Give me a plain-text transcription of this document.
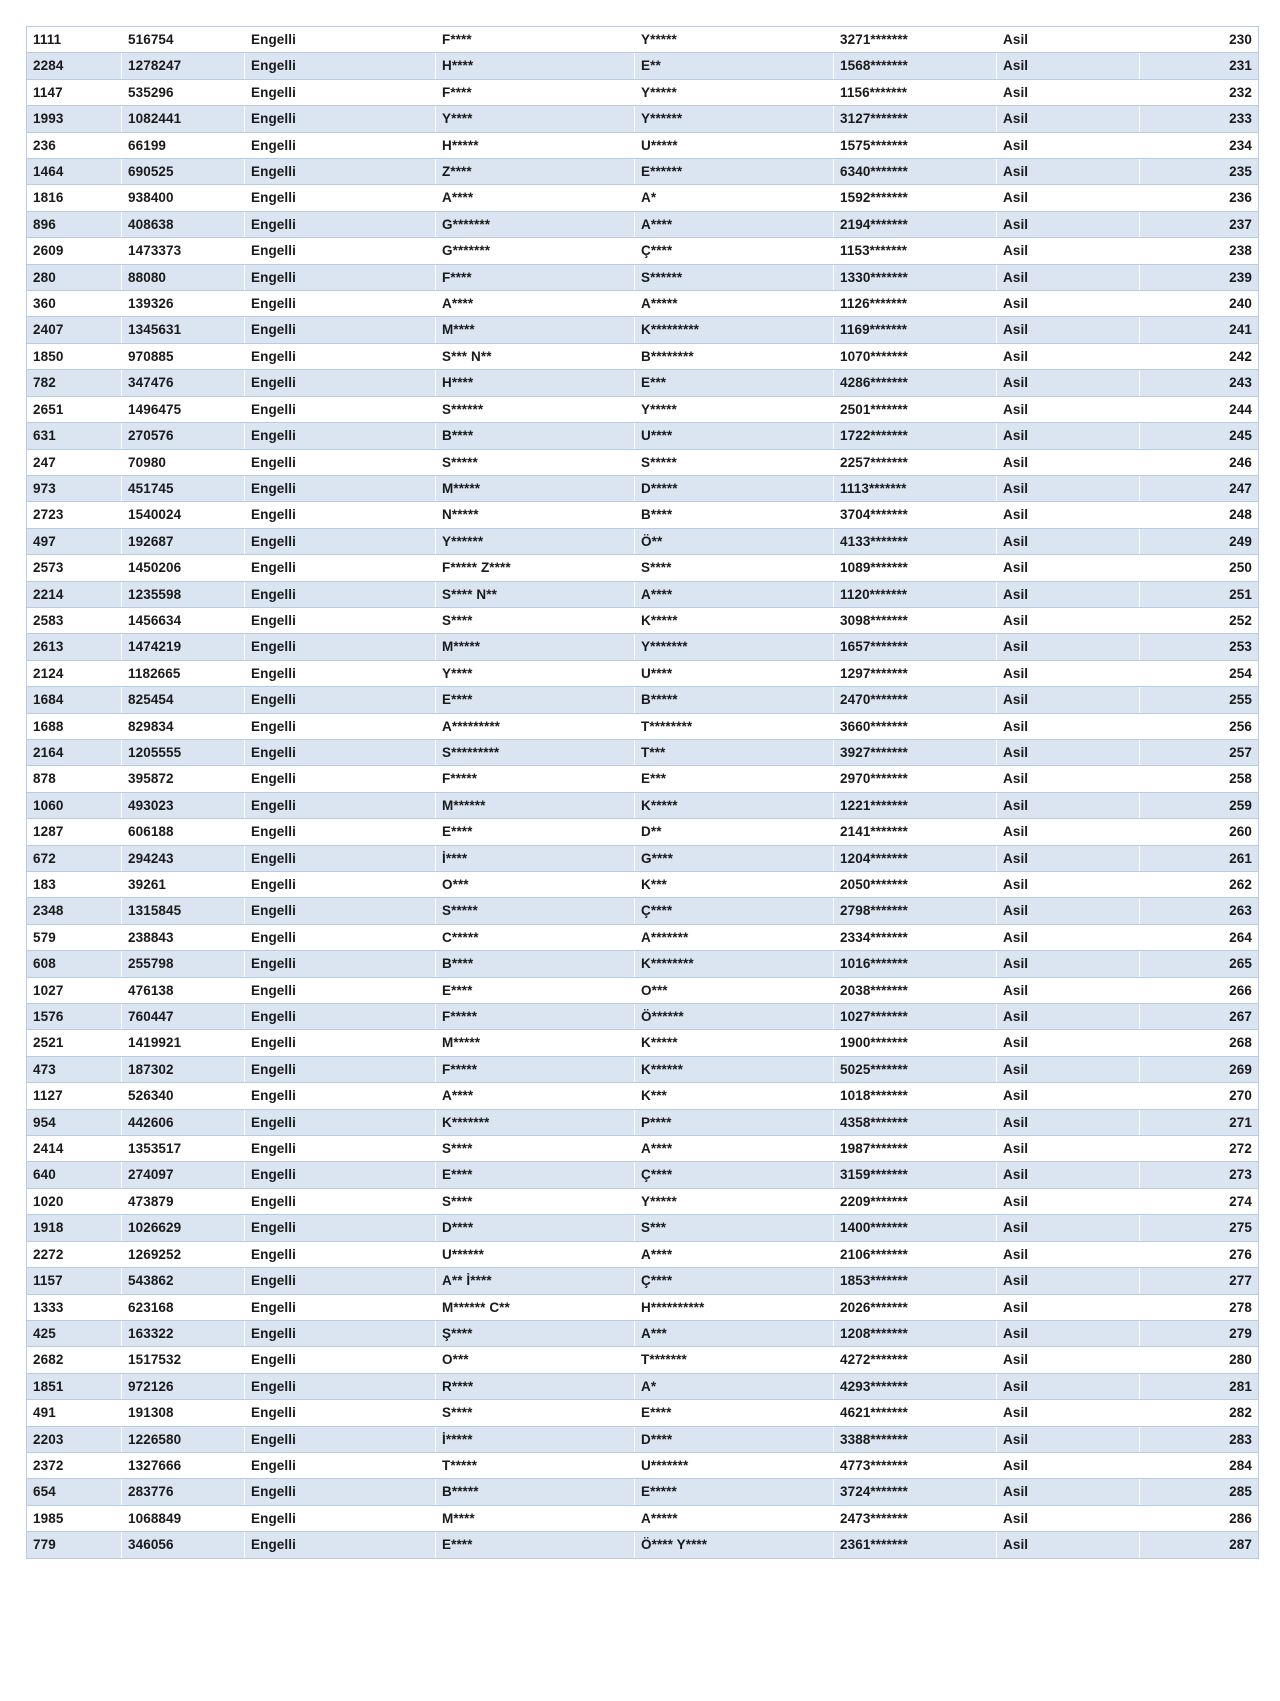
1111	516754	Engelli	F****	Y*****	3271*******	Asil	230
2284	1278247	Engelli	H****	E**	1568*******	Asil	231
1147	535296	Engelli	F****	Y*****	1156*******	Asil	232
1993	1082441	Engelli	Y****	Y******	3127*******	Asil	233
236	66199	Engelli	H*****	U*****	1575*******	Asil	234
1464	690525	Engelli	Z****	E******	6340*******	Asil	235
1816	938400	Engelli	A****	A*	1592*******	Asil	236
896	408638	Engelli	G*******	A****	2194*******	Asil	237
2609	1473373	Engelli	G*******	Ç****	1153*******	Asil	238
280	88080	Engelli	F****	S******	1330*******	Asil	239
360	139326	Engelli	A****	A*****	1126*******	Asil	240
2407	1345631	Engelli	M****	K*********	1169*******	Asil	241
1850	970885	Engelli	S*** N**	B********	1070*******	Asil	242
782	347476	Engelli	H****	E***	4286*******	Asil	243
2651	1496475	Engelli	S******	Y*****	2501*******	Asil	244
631	270576	Engelli	B****	U****	1722*******	Asil	245
247	70980	Engelli	S*****	S*****	2257*******	Asil	246
973	451745	Engelli	M*****	D*****	1113*******	Asil	247
2723	1540024	Engelli	N*****	B****	3704*******	Asil	248
497	192687	Engelli	Y******	Ö**	4133*******	Asil	249
2573	1450206	Engelli	F***** Z****	S****	1089*******	Asil	250
2214	1235598	Engelli	S**** N**	A****	1120*******	Asil	251
2583	1456634	Engelli	S****	K*****	3098*******	Asil	252
2613	1474219	Engelli	M*****	Y*******	1657*******	Asil	253
2124	1182665	Engelli	Y****	U****	1297*******	Asil	254
1684	825454	Engelli	E****	B*****	2470*******	Asil	255
1688	829834	Engelli	A*********	T********	3660*******	Asil	256
2164	1205555	Engelli	S*********	T***	3927*******	Asil	257
878	395872	Engelli	F*****	E***	2970*******	Asil	258
1060	493023	Engelli	M******	K*****	1221*******	Asil	259
1287	606188	Engelli	E****	D**	2141*******	Asil	260
672	294243	Engelli	İ****	G****	1204*******	Asil	261
183	39261	Engelli	O***	K***	2050*******	Asil	262
2348	1315845	Engelli	S*****	Ç****	2798*******	Asil	263
579	238843	Engelli	C*****	A*******	2334*******	Asil	264
608	255798	Engelli	B****	K********	1016*******	Asil	265
1027	476138	Engelli	E****	O***	2038*******	Asil	266
1576	760447	Engelli	F*****	Ö******	1027*******	Asil	267
2521	1419921	Engelli	M*****	K*****	1900*******	Asil	268
473	187302	Engelli	F*****	K******	5025*******	Asil	269
1127	526340	Engelli	A****	K***	1018*******	Asil	270
954	442606	Engelli	K*******	P****	4358*******	Asil	271
2414	1353517	Engelli	S****	A****	1987*******	Asil	272
640	274097	Engelli	E****	Ç****	3159*******	Asil	273
1020	473879	Engelli	S****	Y*****	2209*******	Asil	274
1918	1026629	Engelli	D****	S***	1400*******	Asil	275
2272	1269252	Engelli	U******	A****	2106*******	Asil	276
1157	543862	Engelli	A** İ****	Ç****	1853*******	Asil	277
1333	623168	Engelli	M****** C**	H**********	2026*******	Asil	278
425	163322	Engelli	Ş****	A***	1208*******	Asil	279
2682	1517532	Engelli	O***	T*******	4272*******	Asil	280
1851	972126	Engelli	R****	A*	4293*******	Asil	281
491	191308	Engelli	S****	E****	4621*******	Asil	282
2203	1226580	Engelli	İ*****	D****	3388*******	Asil	283
2372	1327666	Engelli	T*****	U*******	4773*******	Asil	284
654	283776	Engelli	B*****	E*****	3724*******	Asil	285
1985	1068849	Engelli	M****	A*****	2473*******	Asil	286
779	346056	Engelli	E****	Ö**** Y****	2361*******	Asil	287
